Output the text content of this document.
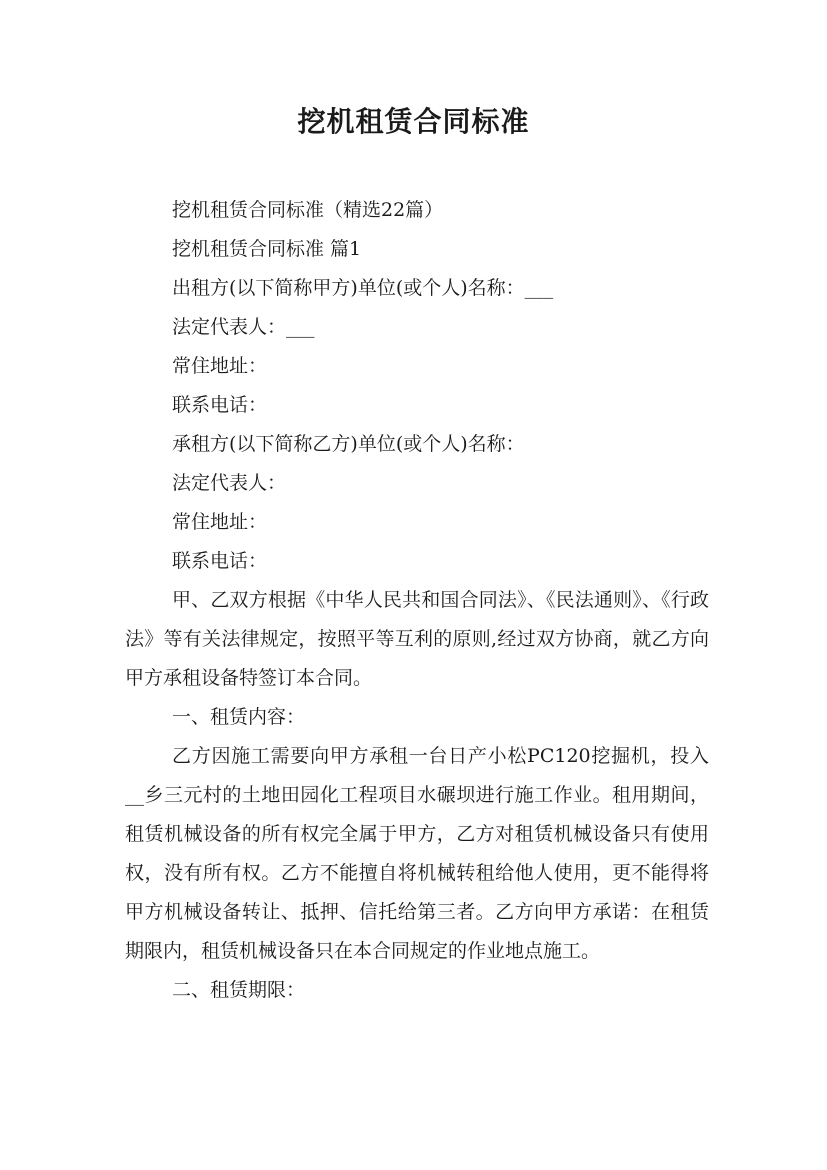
挖机租赁合同标准
挖机租赁合同标准（精选22篇）
挖机租赁合同标准 篇1
出租方(以下简称甲方)单位(或个人)名称：___
法定代表人：___
常住地址：
联系电话：
承租方(以下简称乙方)单位(或个人)名称：
法定代表人：
常住地址：
联系电话：

甲、乙双方根据《中华人民共和国合同法》、《民法通则》、《行政法》等有关法律规定，按照平等互利的原则,经过双方协商，就乙方向甲方承租设备特签订本合同。

一、租赁内容：

乙方因施工需要向甲方承租一台日产小松PC120挖掘机，投入__乡三元村的土地田园化工程项目水碾坝进行施工作业。租用期间，租赁机械设备的所有权完全属于甲方，乙方对租赁机械设备只有使用权，没有所有权。乙方不能擅自将机械转租给他人使用，更不能得将甲方机械设备转让、抵押、信托给第三者。乙方向甲方承诺：在租赁期限内，租赁机械设备只在本合同规定的作业地点施工。

二、租赁期限：
